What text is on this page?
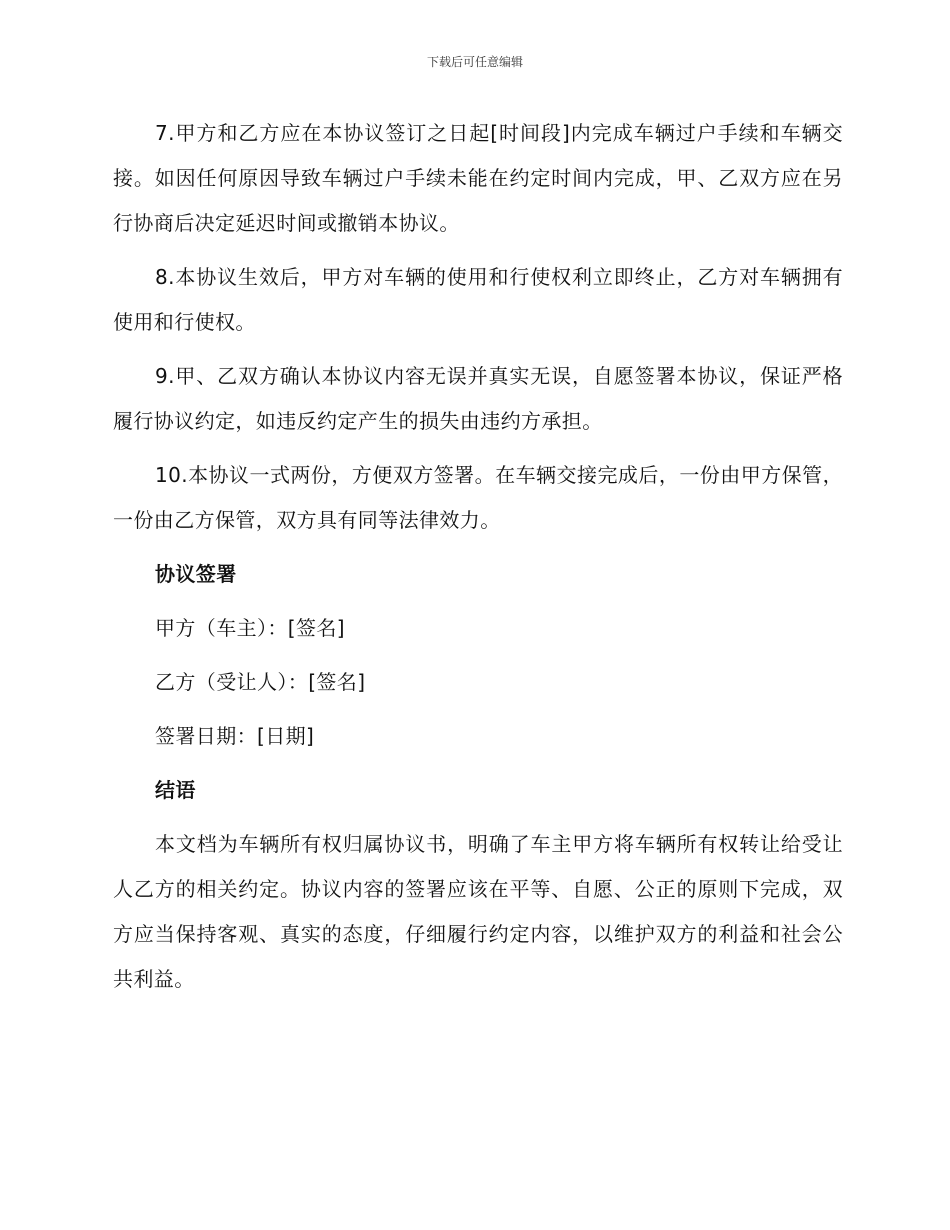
下载后可任意编辑

7.甲方和乙方应在本协议签订之日起[时间段]内完成车辆过户手续和车辆交接。如因任何原因导致车辆过户手续未能在约定时间内完成，甲、乙双方应在另行协商后决定延迟时间或撤销本协议。

8.本协议生效后，甲方对车辆的使用和行使权利立即终止，乙方对车辆拥有使用和行使权。

9.甲、乙双方确认本协议内容无误并真实无误，自愿签署本协议，保证严格履行协议约定，如违反约定产生的损失由违约方承担。

10.本协议一式两份，方便双方签署。在车辆交接完成后，一份由甲方保管，一份由乙方保管，双方具有同等法律效力。

协议签署

甲方（车主）：[签名]

乙方（受让人）：[签名]

签署日期：[日期]

结语

本文档为车辆所有权归属协议书，明确了车主甲方将车辆所有权转让给受让人乙方的相关约定。协议内容的签署应该在平等、自愿、公正的原则下完成，双方应当保持客观、真实的态度，仔细履行约定内容，以维护双方的利益和社会公共利益。
